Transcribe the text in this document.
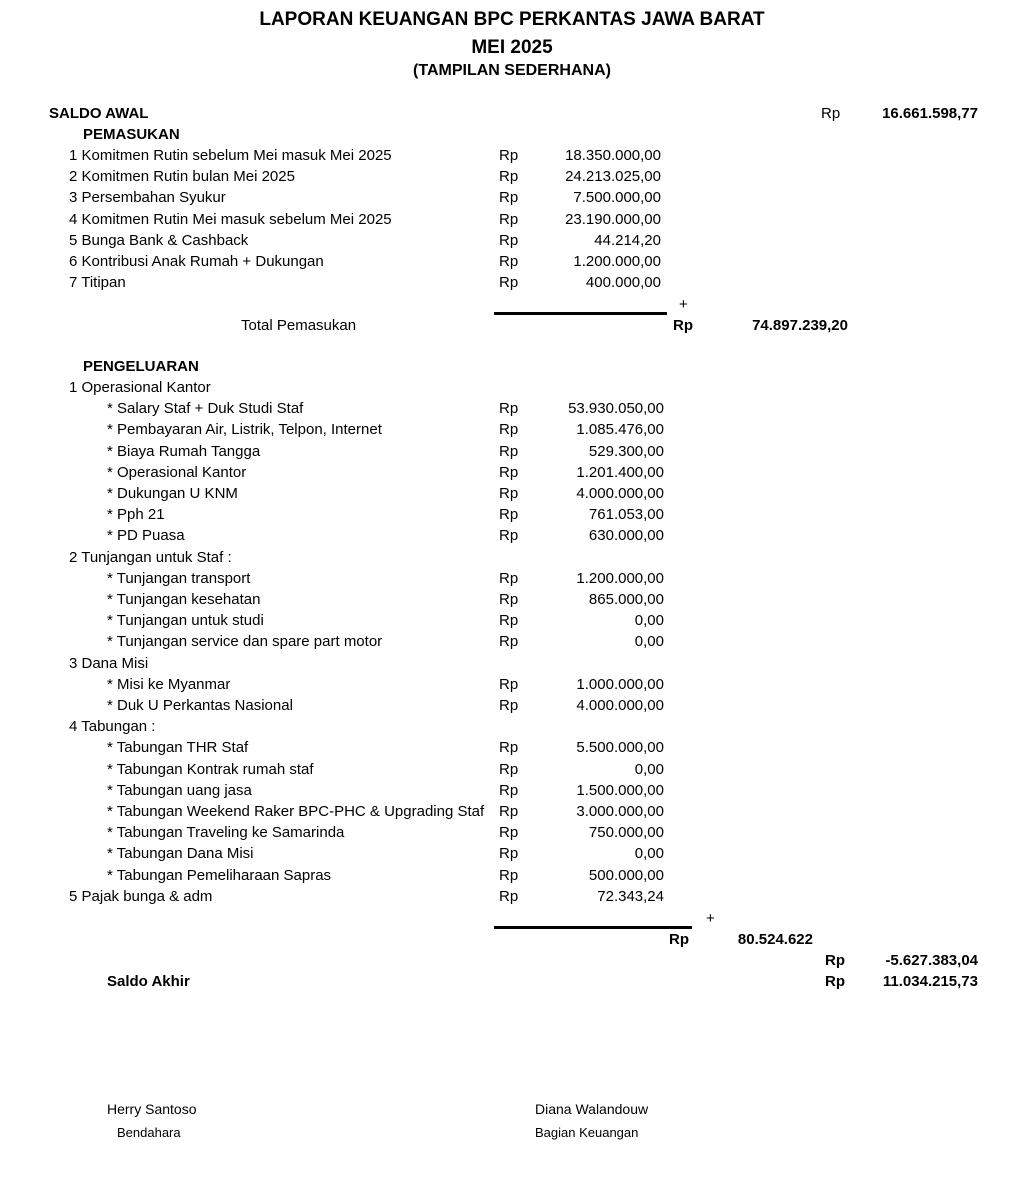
LAPORAN KEUANGAN BPC PERKANTAS JAWA BARAT
MEI 2025
(TAMPILAN SEDERHANA)
SALDO AWAL	Rp	16.661.598,77
PEMASUKAN
1 Komitmen Rutin sebelum Mei masuk Mei 2025	Rp	18.350.000,00
2 Komitmen Rutin bulan Mei 2025	Rp	24.213.025,00
3 Persembahan Syukur	Rp	7.500.000,00
4 Komitmen Rutin Mei masuk sebelum Mei 2025	Rp	23.190.000,00
5 Bunga Bank & Cashback	Rp	44.214,20
6 Kontribusi Anak Rumah + Dukungan	Rp	1.200.000,00
7 Titipan	Rp	400.000,00
+
Total Pemasukan	Rp	74.897.239,20
PENGELUARAN
1 Operasional Kantor
* Salary Staf + Duk Studi Staf	Rp	53.930.050,00
* Pembayaran Air, Listrik, Telpon, Internet	Rp	1.085.476,00
* Biaya Rumah Tangga	Rp	529.300,00
* Operasional Kantor	Rp	1.201.400,00
* Dukungan U KNM	Rp	4.000.000,00
* Pph 21	Rp	761.053,00
* PD Puasa	Rp	630.000,00
2 Tunjangan untuk Staf :
* Tunjangan transport	Rp	1.200.000,00
* Tunjangan kesehatan	Rp	865.000,00
* Tunjangan untuk studi	Rp	0,00
* Tunjangan service dan spare part motor	Rp	0,00
3 Dana Misi
* Misi ke Myanmar	Rp	1.000.000,00
* Duk U Perkantas Nasional	Rp	4.000.000,00
4 Tabungan :
* Tabungan THR Staf	Rp	5.500.000,00
* Tabungan Kontrak rumah staf	Rp	0,00
* Tabungan uang jasa	Rp	1.500.000,00
* Tabungan Weekend Raker BPC-PHC & Upgrading Staf Rp	3.000.000,00
* Tabungan Traveling ke Samarinda	Rp	750.000,00
* Tabungan Dana Misi	Rp	0,00
* Tabungan Pemeliharaan Sapras	Rp	500.000,00
5 Pajak bunga & adm	Rp	72.343,24
+
Rp	80.524.622
Rp	-5.627.383,04
Saldo Akhir	Rp	11.034.215,73
Herry Santoso
Bendahara
Diana Walandouw
Bagian Keuangan
